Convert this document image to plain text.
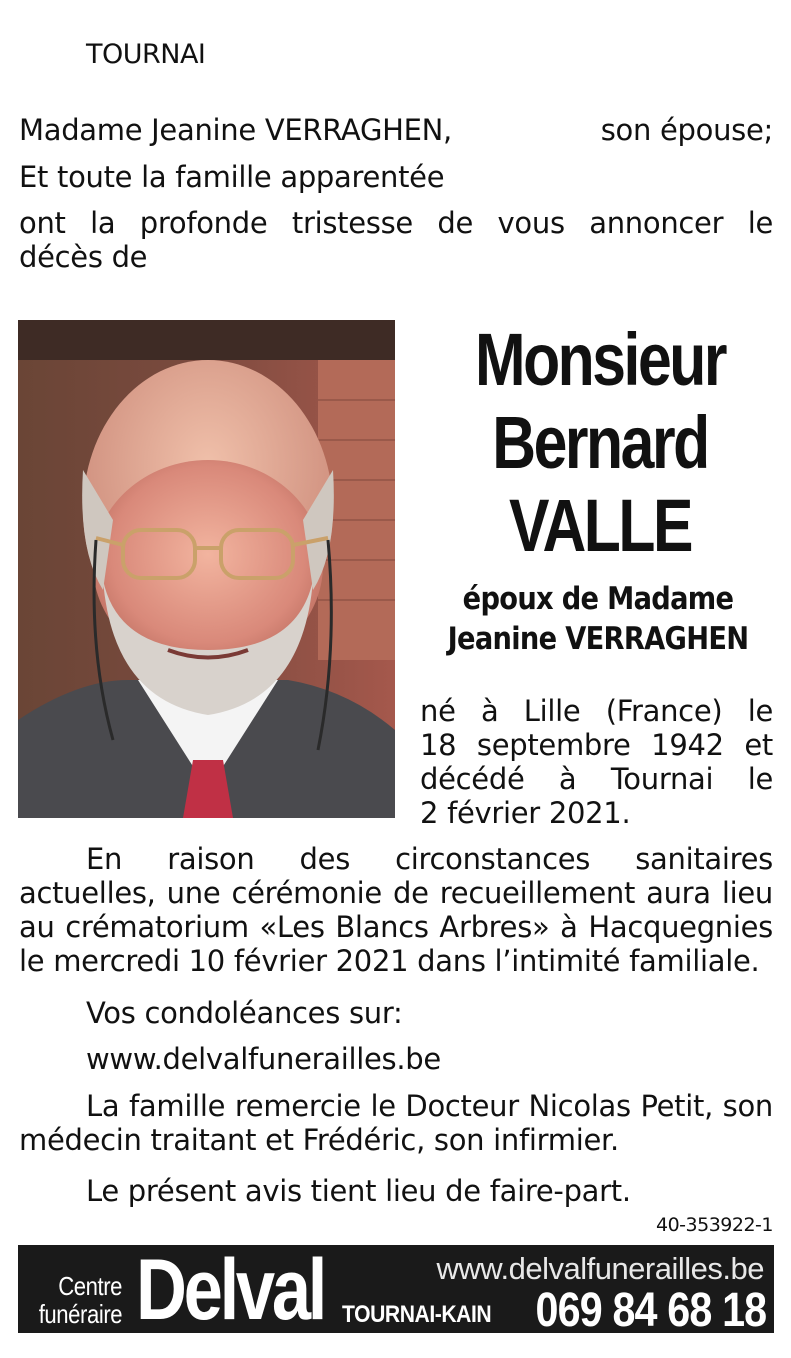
TOURNAI
Madame Jeanine VERRAGHEN,	son épouse;
Et toute la famille apparentée
ont la profonde tristesse de vous annoncer le
décès de
Monsieur
Bernard
VALLE
époux de Madame
Jeanine VERRAGHEN
né à Lille (France) le
18 septembre 1942 et
décédé à Tournai le
2 février 2021.
En raison des circonstances sanitaires actuelles, une cérémonie de recueillement aura lieu au crématorium «Les Blancs Arbres» à Hacquegnies le mercredi 10 février 2021 dans l’intimité familiale.
Vos condoléances sur:
www.delvalfunerailles.be
La famille remercie le Docteur Nicolas Petit, son médecin traitant et Frédéric, son infirmier.
Le présent avis tient lieu de faire-part.
40-353922-1
Centre
funéraire Delval	www.delvalfunerailles.be
TOURNAI-KAIN 069 84 68 18
